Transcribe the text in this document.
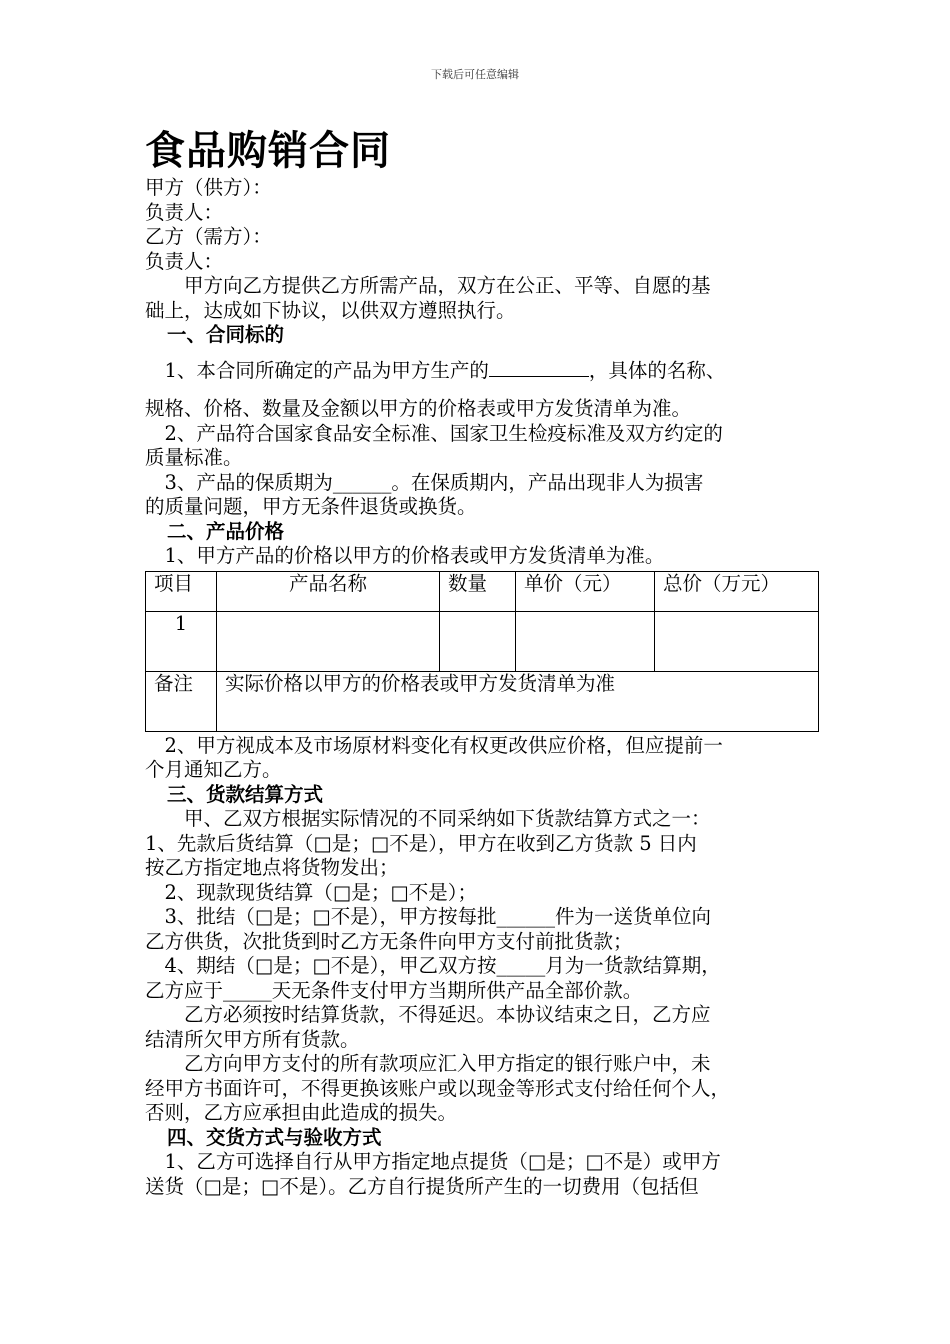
下载后可任意编辑
食品购销合同
甲方（供方）：
负责人：
乙方（需方）：
负责人：
　　甲方向乙方提供乙方所需产品，双方在公正、平等、自愿的基
础上，达成如下协议，以供双方遵照执行。
一、合同标的
　1、本合同所确定的产品为甲方生产的	，具体的名称、
规格、价格、数量及金额以甲方的价格表或甲方发货清单为准。
　2、产品符合国家食品安全标准、国家卫生检疫标准及双方约定的
质量标准。
　3、产品的保质期为______。在保质期内，产品出现非人为损害
的质量问题，甲方无条件退货或换货。
二、产品价格
　1、甲方产品的价格以甲方的价格表或甲方发货清单为准。
项目	产品名称	数量	单价（元）	总价（万元）
1				
备注	实际价格以甲方的价格表或甲方发货清单为准			
　2、甲方视成本及市场原材料变化有权更改供应价格，但应提前一
个月通知乙方。
三、货款结算方式
　　甲、乙双方根据实际情况的不同采纳如下货款结算方式之一：
1、先款后货结算（□是；□不是），甲方在收到乙方货款 5 日内
按乙方指定地点将货物发出；
　2、现款现货结算（□是；□不是）；
　3、批结（□是；□不是），甲方按每批______件为一送货单位向
乙方供货，次批货到时乙方无条件向甲方支付前批货款；
　4、期结（□是；□不是），甲乙双方按_____月为一货款结算期，
乙方应于_____天无条件支付甲方当期所供产品全部价款。
　　乙方必须按时结算货款，不得延迟。本协议结束之日，乙方应
结清所欠甲方所有货款。
　　乙方向甲方支付的所有款项应汇入甲方指定的银行账户中，未
经甲方书面许可，不得更换该账户或以现金等形式支付给任何个人，
否则，乙方应承担由此造成的损失。
四、交货方式与验收方式
　1、乙方可选择自行从甲方指定地点提货（□是；□不是）或甲方
送货（□是；□不是）。乙方自行提货所产生的一切费用（包括但
